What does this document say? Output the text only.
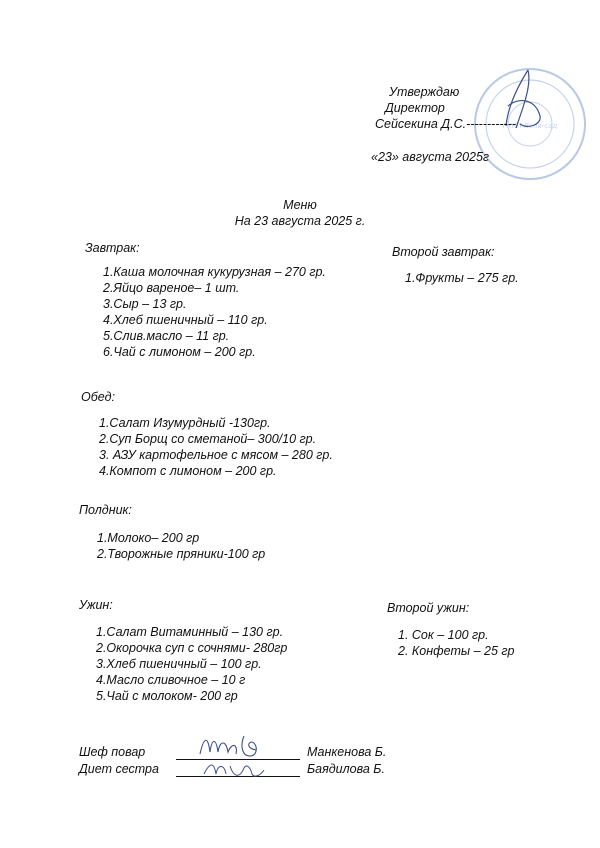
ГККП Ясли-сад
Утверждаю
Директор
Сейсекина Д.С.------------
«23» августа 2025г
Меню
На 23 августа 2025 г.
Завтрак:
1.Каша молочная кукурузная – 270 гр.
2.Яйцо вареное– 1 шт.
3.Сыр – 13 гр.
4.Хлеб пшеничный – 110 гр.
5.Слив.масло – 11 гр.
6.Чай с лимоном – 200 гр.
Второй завтрак:
1.Фрукты – 275 гр.
Обед:
1.Салат Изумурдный -130гр.
2.Суп Борщ со сметаной– 300/10 гр.
3. АЗУ картофельное с мясом – 280 гр.
4.Компот с лимоном – 200 гр.
Полдник:
1.Молоко– 200 гр
2.Творожные пряники-100 гр
Ужин:
1.Салат Витаминный – 130 гр.
2.Окорочка суп с сочнями- 280гр
3.Хлеб пшеничный – 100 гр.
4.Масло сливочное – 10 г
5.Чай с молоком- 200 гр
Второй ужин:
1. Сок – 100 гр.
2. Конфеты – 25 гр
Шеф повар	Манкенова Б.
Диет сестра	Баядилова Б.
